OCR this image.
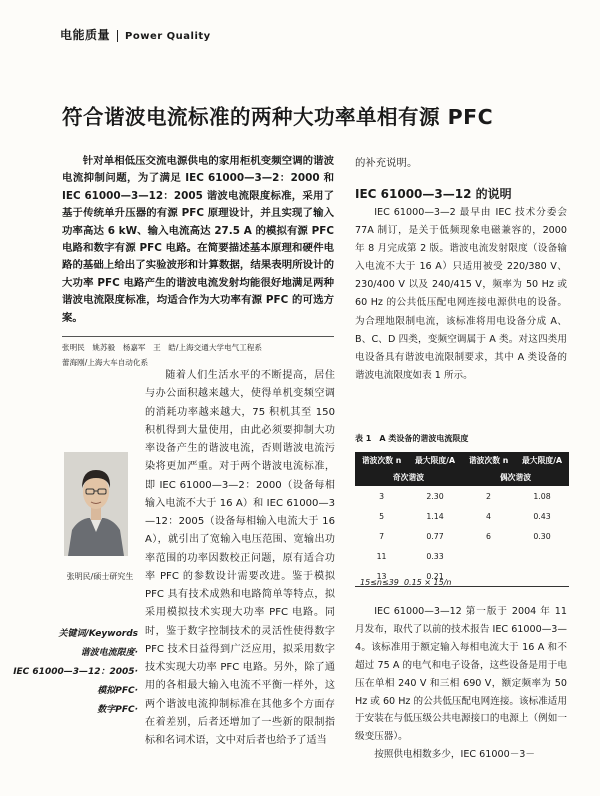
电能质量 Power Quality
符合谐波电流标准的两种大功率单相有源 PFC
针对单相低压交流电源供电的家用柜机变频空调的谐波电流抑制问题，为了满足 IEC 61000—3—2：2000 和 IEC 61000—3—12：2005 谐波电流限度标准，采用了基于传统单升压器的有源 PFC 原理设计，并且实现了输入功率高达 6 kW、输入电流高达 27.5 A 的模拟有源 PFC 电路和数字有源 PFC 电路。在简要描述基本原理和硬件电路的基础上给出了实验波形和计算数据，结果表明所设计的大功率 PFC 电路产生的谐波电流发射均能很好地满足两种谐波电流限度标准，均适合作为大功率有源 PFC 的可选方案。
张明民　姚苏毅　杨嘉军　王　皓/上海交通大学电气工程系
蕾海刚/上海大车自动化系
张明民/硕士研究生
关键词/Keywords
谐波电流限度·
IEC 61000—3—12：2005·
模拟PFC·
数字PFC·

随着人们生活水平的不断提高，居住与办公面积越来越大，使得单机变频空调的消耗功率越来越大，75 积机其至 150 积机得到大量使用，由此必须要抑制大功率设备产生的谐波电流，否则谐波电流污染将更加严重。对于两个谐波电流标准，即 IEC 61000—3—2：2000（设备每相输入电流不大于 16 A）和 IEC 61000—3—12：2005（设备每相输入电流大于 16 A），就引出了宽输入电压范围、宽输出功率范围的功率因数校正问题，原有适合功率 PFC 的参数设计需要改进。鉴于模拟 PFC 具有技术成熟和电路简单等特点，拟采用模拟技术实现大功率 PFC 电路。同时，鉴于数字控制技术的灵活性使得数字 PFC 技术日益得到广泛应用，拟采用数字技术实现大功率 PFC 电路。另外，除了通用的各相最大输入电流不平衡一样外，这两个谐波电流抑制标准在其他多个方面存在着差别，后者还增加了一些新的限制指标和名词术语，文中对后者也给予了适当

的补充说明。
IEC 61000—3—12 的说明

IEC 61000—3—2 最早由 IEC 技术分委会 77A 制订，是关于低频现象电磁兼容的，2000 年 8 月完成第 2 版。谐波电流发射限度（设备输入电流不大于 16 A）只适用被受 220/380 V、230/400 V 以及 240/415 V，频率为 50 Hz 或 60 Hz 的公共低压配电网连接电源供电的设备。为合理地限制电流，该标准将用电设备分成 A、B、C、D 四类，变频空调属于 A 类。对这四类用电设备具有谐波电流限制要求，其中 A 类设备的谐波电流限度如表 1 所示。

表 1　A 类设备的谐波电流限度
谐波次数 n	最大限度/A	谐波次数 n	最大限度/A
奇次谐波		偶次谐波	
3	2.30	2	1.08
5	1.14	4	0.43
7	0.77	6	0.30
11	0.33		
13	0.21		
15≤n≤39 0.15 × 15/n

IEC 61000—3—12 第一版于 2004 年 11 月发布，取代了以前的技术报告 IEC 61000—3—4。该标准用于额定输入每相电流大于 16 A 和不超过 75 A 的电气和电子设备，这些设备是用于电压在单相 240 V 和三相 690 V，额定频率为 50 Hz 或 60 Hz 的公共低压配电网连接。该标准适用于安装在与低压级公共电源接口的电源上（例如一级变压器）。

按照供电相数多少，IEC 61000－3－
